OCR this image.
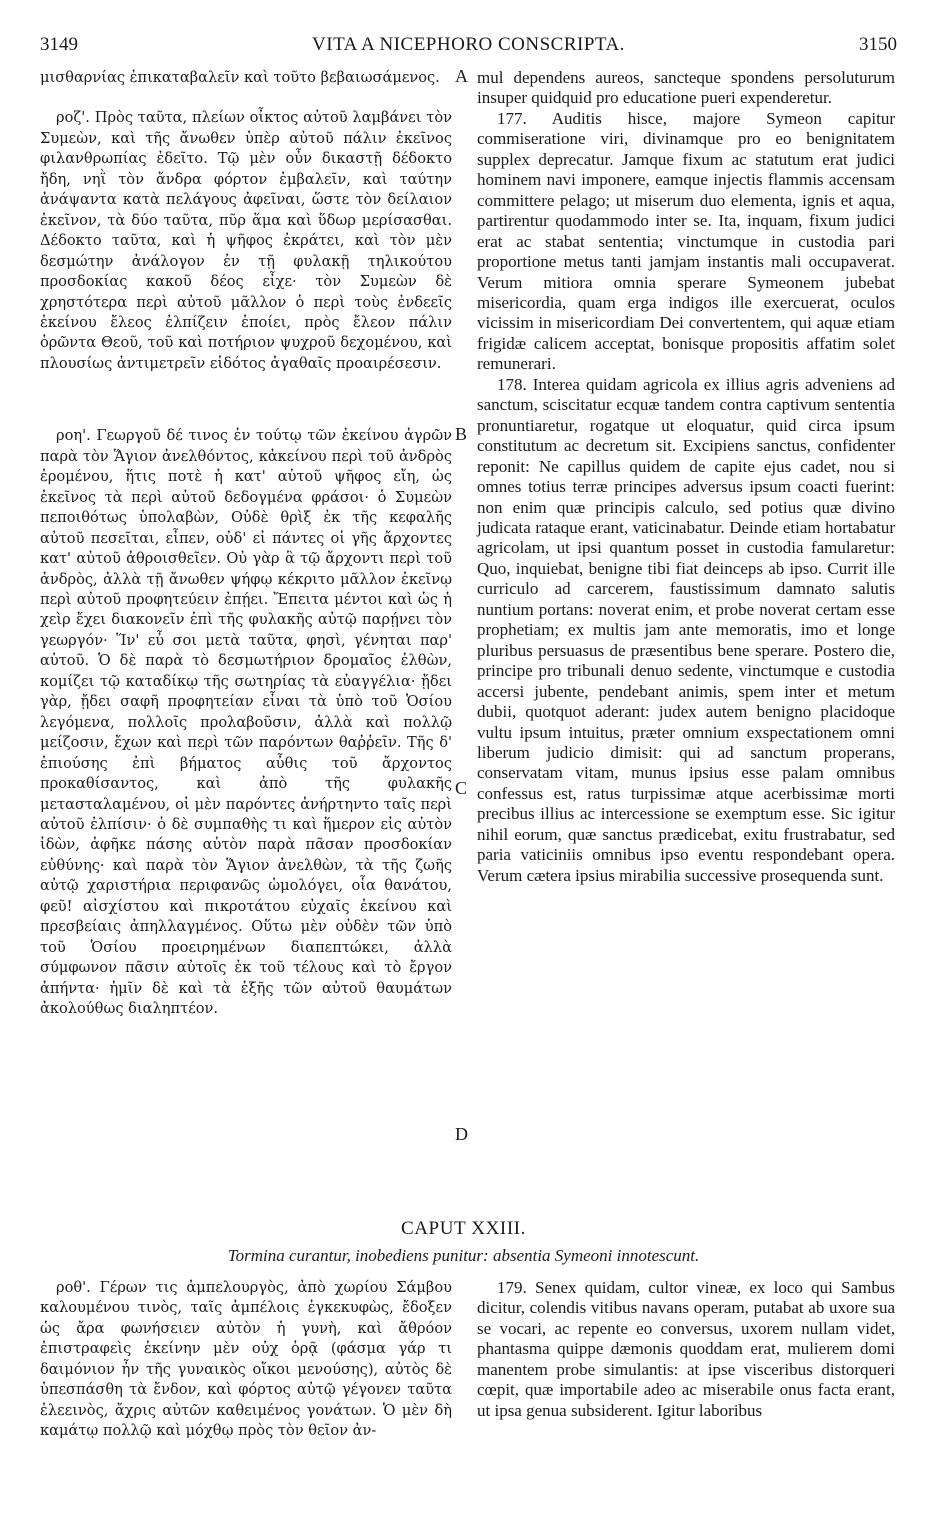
3149	VITA A NICEPHORO CONSCRIPTA.	3150

μισθαρνίας ἐπικαταβαλεῖν καὶ τοῦτο βεβαιωσάμενος.

ροζ'. Πρὸς ταῦτα, πλείων οἶκτος αὐτοῦ λαμβάνει τὸν Συμεὼν, καὶ τῆς ἄνωθεν ὑπὲρ αὐτοῦ πάλιν ἐκεῖνος φιλανθρωπίας ἐδεῖτο. Τῷ μὲν οὖν δικαστῇ δέδοκτο ἤδη, νηῒ τὸν ἄνδρα φόρτον ἐμβαλεῖν, καὶ ταύτην ἀνάψαντα κατὰ πελάγους ἀφεῖναι, ὥστε τὸν δείλαιον ἐκεῖνον, τὰ δύο ταῦτα, πῦρ ἅμα καὶ ὕδωρ μερίσασθαι. Δέδοκτο ταῦτα, καὶ ἡ ψῆφος ἐκράτει, καὶ τὸν μὲν δεσμώτην ἀνάλογον ἐν τῇ φυλακῇ τηλικούτου προσδοκίας κακοῦ δέος εἶχε· τὸν Συμεὼν δὲ χρηστότερα περὶ αὐτοῦ μᾶλλον ὁ περὶ τοὺς ἐνδεεῖς ἐκείνου ἔλεος ἐλπίζειν ἐποίει, πρὸς ἔλεον πάλιν ὁρῶντα Θεοῦ, τοῦ καὶ ποτήριον ψυχροῦ δεχομένου, καὶ πλουσίως ἀντιμετρεῖν εἰδότος ἀγαθαῖς προαιρέσεσιν.

ροη'. Γεωργοῦ δέ τινος ἐν τούτῳ τῶν ἐκείνου ἀγρῶν παρὰ τὸν Ἅγιον ἀνελθόντος, κἀκείνου περὶ τοῦ ἀνδρὸς ἐρομένου, ἥτις ποτὲ ἡ κατ' αὐτοῦ ψῆφος εἴη, ὡς ἐκεῖνος τὰ περὶ αὐτοῦ δεδογμένα φράσοι· ὁ Συμεὼν πεποιθότως ὑπολαβὼν, Οὐδὲ θρὶξ ἐκ τῆς κεφαλῆς αὐτοῦ πεσεῖται, εἶπεν, οὐδ' εἰ πάντες οἱ γῆς ἄρχοντες κατ' αὐτοῦ ἀθροισθεῖεν. Οὐ γὰρ ἃ τῷ ἄρχοντι περὶ τοῦ ἀνδρὸς, ἀλλὰ τῇ ἄνωθεν ψήφῳ κέκριτο μᾶλλον ἐκεῖνῳ περὶ αὐτοῦ προφητεύειν ἐπῄει. Ἔπειτα μέντοι καὶ ὡς ἡ χεὶρ ἔχει διακονεῖν ἐπὶ τῆς φυλακῆς αὐτῷ παρῄνει τὸν γεωργόν· Ἵν' εὖ σοι μετὰ ταῦτα, φησὶ, γένηται παρ' αὐτοῦ. Ὁ δὲ παρὰ τὸ δεσμωτήριον δρομαῖος ἐλθὼν, κομίζει τῷ καταδίκῳ τῆς σωτηρίας τὰ εὐαγγέλια· ᾔδει γὰρ, ᾔδει σαφῆ προφητείαν εἶναι τὰ ὑπὸ τοῦ Ὁσίου λεγόμενα, πολλοῖς προλαβοῦσιν, ἀλλὰ καὶ πολλῷ μείζοσιν, ἔχων καὶ περὶ τῶν παρόντων θαῤῥεῖν. Τῆς δ' ἐπιούσης ἐπὶ βήματος αὖθις τοῦ ἄρχοντος προκαθίσαντος, καὶ ἀπὸ τῆς φυλακῆς μετασταλαμένου, οἱ μὲν παρόντες ἀνήρτηντο ταῖς περὶ αὐτοῦ ἐλπίσιν· ὁ δὲ συμπαθὴς τι καὶ ἥμερον εἰς αὐτὸν ἰδὼν, ἀφῆκε πάσης αὐτὸν παρὰ πᾶσαν προσδοκίαν εὐθύνης· καὶ παρὰ τὸν Ἅγιον ἀνελθὼν, τὰ τῆς ζωῆς αὐτῷ χαριστήρια περιφανῶς ὡμολόγει, οἷα θανάτου, φεῦ! αἰσχίστου καὶ πικροτάτου εὐχαῖς ἐκείνου καὶ πρεσβείαις ἀπηλλαγμένος. Οὕτω μὲν οὐδὲν τῶν ὑπὸ τοῦ Ὁσίου προειρημένων διαπεπτώκει, ἀλλὰ σύμφωνον πᾶσιν αὐτοῖς ἐκ τοῦ τέλους καὶ τὸ ἔργον ἀπήντα· ἡμῖν δὲ καὶ τὰ ἑξῆς τῶν αὐτοῦ θαυμάτων ἀκολούθως διαληπτέον.

mul dependens aureos, sancteque spondens persoluturum insuper quidquid pro educatione pueri expenderetur.

177. Auditis hisce, majore Symeon capitur commiseratione viri, divinamque pro eo benignitatem supplex deprecatur. Jamque fixum ac statutum erat judici hominem navi imponere, eamque injectis flammis accensam committere pelago; ut miserum duo elementa, ignis et aqua, partirentur quodammodo inter se. Ita, inquam, fixum judici erat ac stabat sententia; vinctumque in custodia pari proportione metus tanti jamjam instantis mali occupaverat. Verum mitiora omnia sperare Symeonem jubebat misericordia, quam erga indigos ille exercuerat, oculos vicissim in misericordiam Dei convertentem, qui aquæ etiam frigidæ calicem acceptat, bonisque propositis affatim solet remunerari.

178. Interea quidam agricola ex illius agris adveniens ad sanctum, sciscitatur ecquæ tandem contra captivum sententia pronuntiaretur, rogatque ut eloquatur, quid circa ipsum constitutum ac decretum sit. Excipiens sanctus, confidenter reponit: Ne capillus quidem de capite ejus cadet, nou si omnes totius terræ principes adversus ipsum coacti fuerint: non enim quæ principis calculo, sed potius quæ divino judicata rataque erant, vaticinabatur. Deinde etiam hortabatur agricolam, ut ipsi quantum posset in custodia famularetur: Quo, inquiebat, benigne tibi fiat deinceps ab ipso. Currit ille curriculo ad carcerem, faustissimum damnato salutis nuntium portans: noverat enim, et probe noverat certam esse prophetiam; ex multis jam ante memoratis, imo et longe pluribus persuasus de præsentibus bene sperare. Postero die, principe pro tribunali denuo sedente, vinctumque e custodia accersi jubente, pendebant animis, spem inter et metum dubii, quotquot aderant: judex autem benigno placidoque vultu ipsum intuitus, præter omnium exspectationem omni liberum judicio dimisit: qui ad sanctum properans, conservatam vitam, munus ipsius esse palam omnibus confessus est, ratus turpissimæ atque acerbissimæ morti precibus illius ac intercessione se exemptum esse. Sic igitur nihil eorum, quæ sanctus prædicebat, exitu frustrabatur, sed paria vaticiniis omnibus ipso eventu respondebant opera. Verum cætera ipsius mirabilia successive prosequenda sunt.

A
B
C
D
CAPUT XXIII.
Tormina curantur, inobediens punitur: absentia Symeoni innotescunt.

ροθ'. Γέρων τις ἀμπελουργὸς, ἀπὸ χωρίου Σάμβου καλουμένου τινὸς, ταῖς ἀμπέλοις ἐγκεκυφὼς, ἔδοξεν ὡς ἄρα φωνήσειεν αὐτὸν ἡ γυνὴ, καὶ ἄθρόον ἐπιστραφεὶς ἐκείνην μὲν οὐχ ὁρᾷ (φάσμα γάρ τι δαιμόνιον ἦν τῆς γυναικὸς οἴκοι μενούσης), αὐτὸς δὲ ὑπεσπάσθη τὰ ἔνδον, καὶ φόρτος αὐτῷ γέγονεν ταῦτα ἐλεεινὸς, ἄχρις αὐτῶν καθειμένος γονάτων. Ὁ μὲν δὴ καμάτῳ πολλῷ καὶ μόχθῳ πρὸς τὸν θεῖον ἀν-

179. Senex quidam, cultor vineæ, ex loco qui Sambus dicitur, colendis vitibus navans operam, putabat ab uxore sua se vocari, ac repente eo conversus, uxorem nullam videt, phantasma quippe dæmonis quoddam erat, mulierem domi manentem probe simulantis: at ipse visceribus distorqueri cœpit, quæ importabile adeo ac miserabile onus facta erant, ut ipsa genua subsiderent. Igitur laboribus
